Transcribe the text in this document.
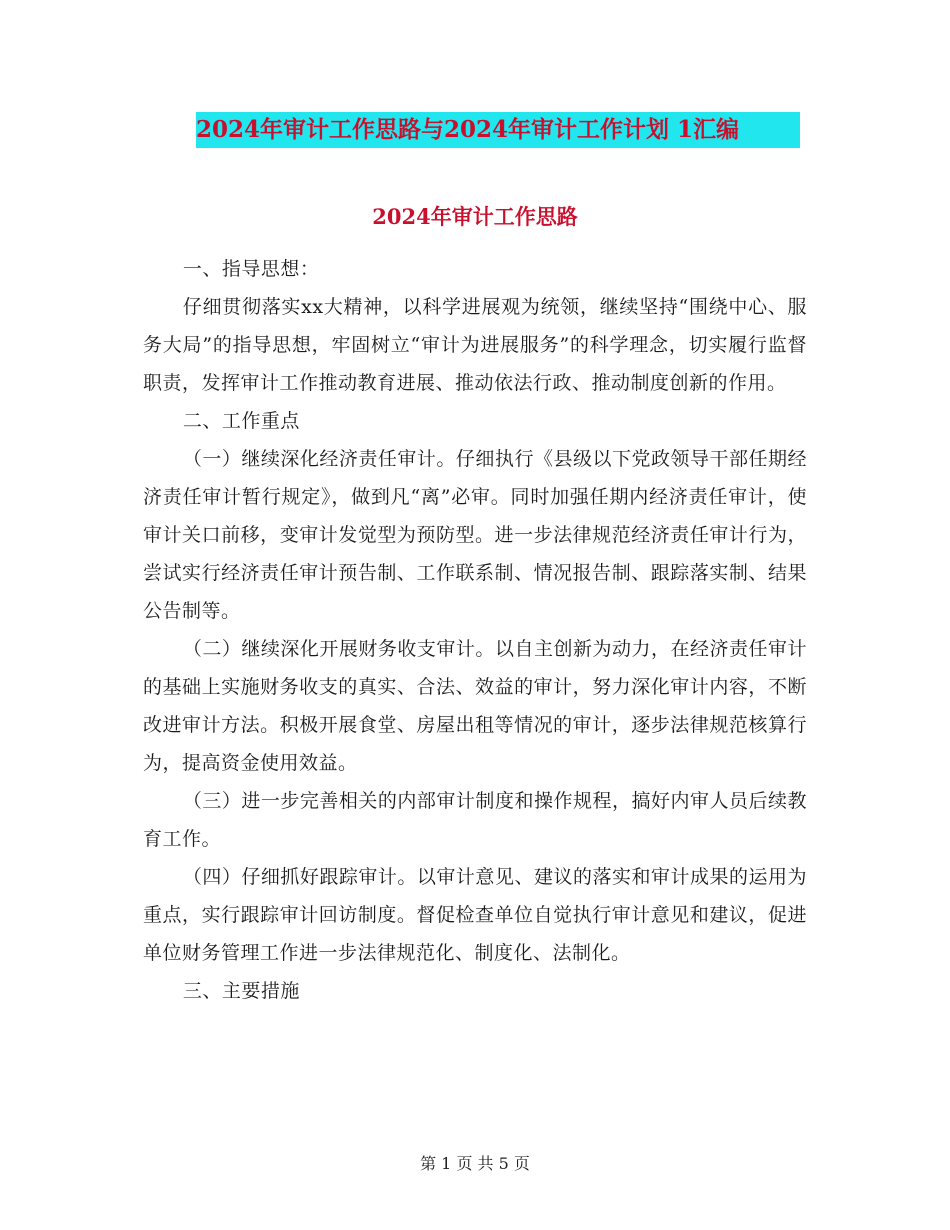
2024年审计工作思路与2024年审计工作计划 1汇编
2024年审计工作思路

一、指导思想：

仔细贯彻落实xx大精神，以科学进展观为统领，继续坚持“围绕中心、服务大局”的指导思想，牢固树立“审计为进展服务”的科学理念，切实履行监督职责，发挥审计工作推动教育进展、推动依法行政、推动制度创新的作用。

二、工作重点

（一）继续深化经济责任审计。仔细执行《县级以下党政领导干部任期经济责任审计暂行规定》，做到凡“离”必审。同时加强任期内经济责任审计，使审计关口前移，变审计发觉型为预防型。进一步法律规范经济责任审计行为，尝试实行经济责任审计预告制、工作联系制、情况报告制、跟踪落实制、结果公告制等。

（二）继续深化开展财务收支审计。以自主创新为动力，在经济责任审计的基础上实施财务收支的真实、合法、效益的审计，努力深化审计内容，不断改进审计方法。积极开展食堂、房屋出租等情况的审计，逐步法律规范核算行为，提高资金使用效益。

（三）进一步完善相关的内部审计制度和操作规程，搞好内审人员后续教育工作。

（四）仔细抓好跟踪审计。以审计意见、建议的落实和审计成果的运用为重点，实行跟踪审计回访制度。督促检查单位自觉执行审计意见和建议，促进单位财务管理工作进一步法律规范化、制度化、法制化。

三、主要措施

第 1 页 共 5 页
